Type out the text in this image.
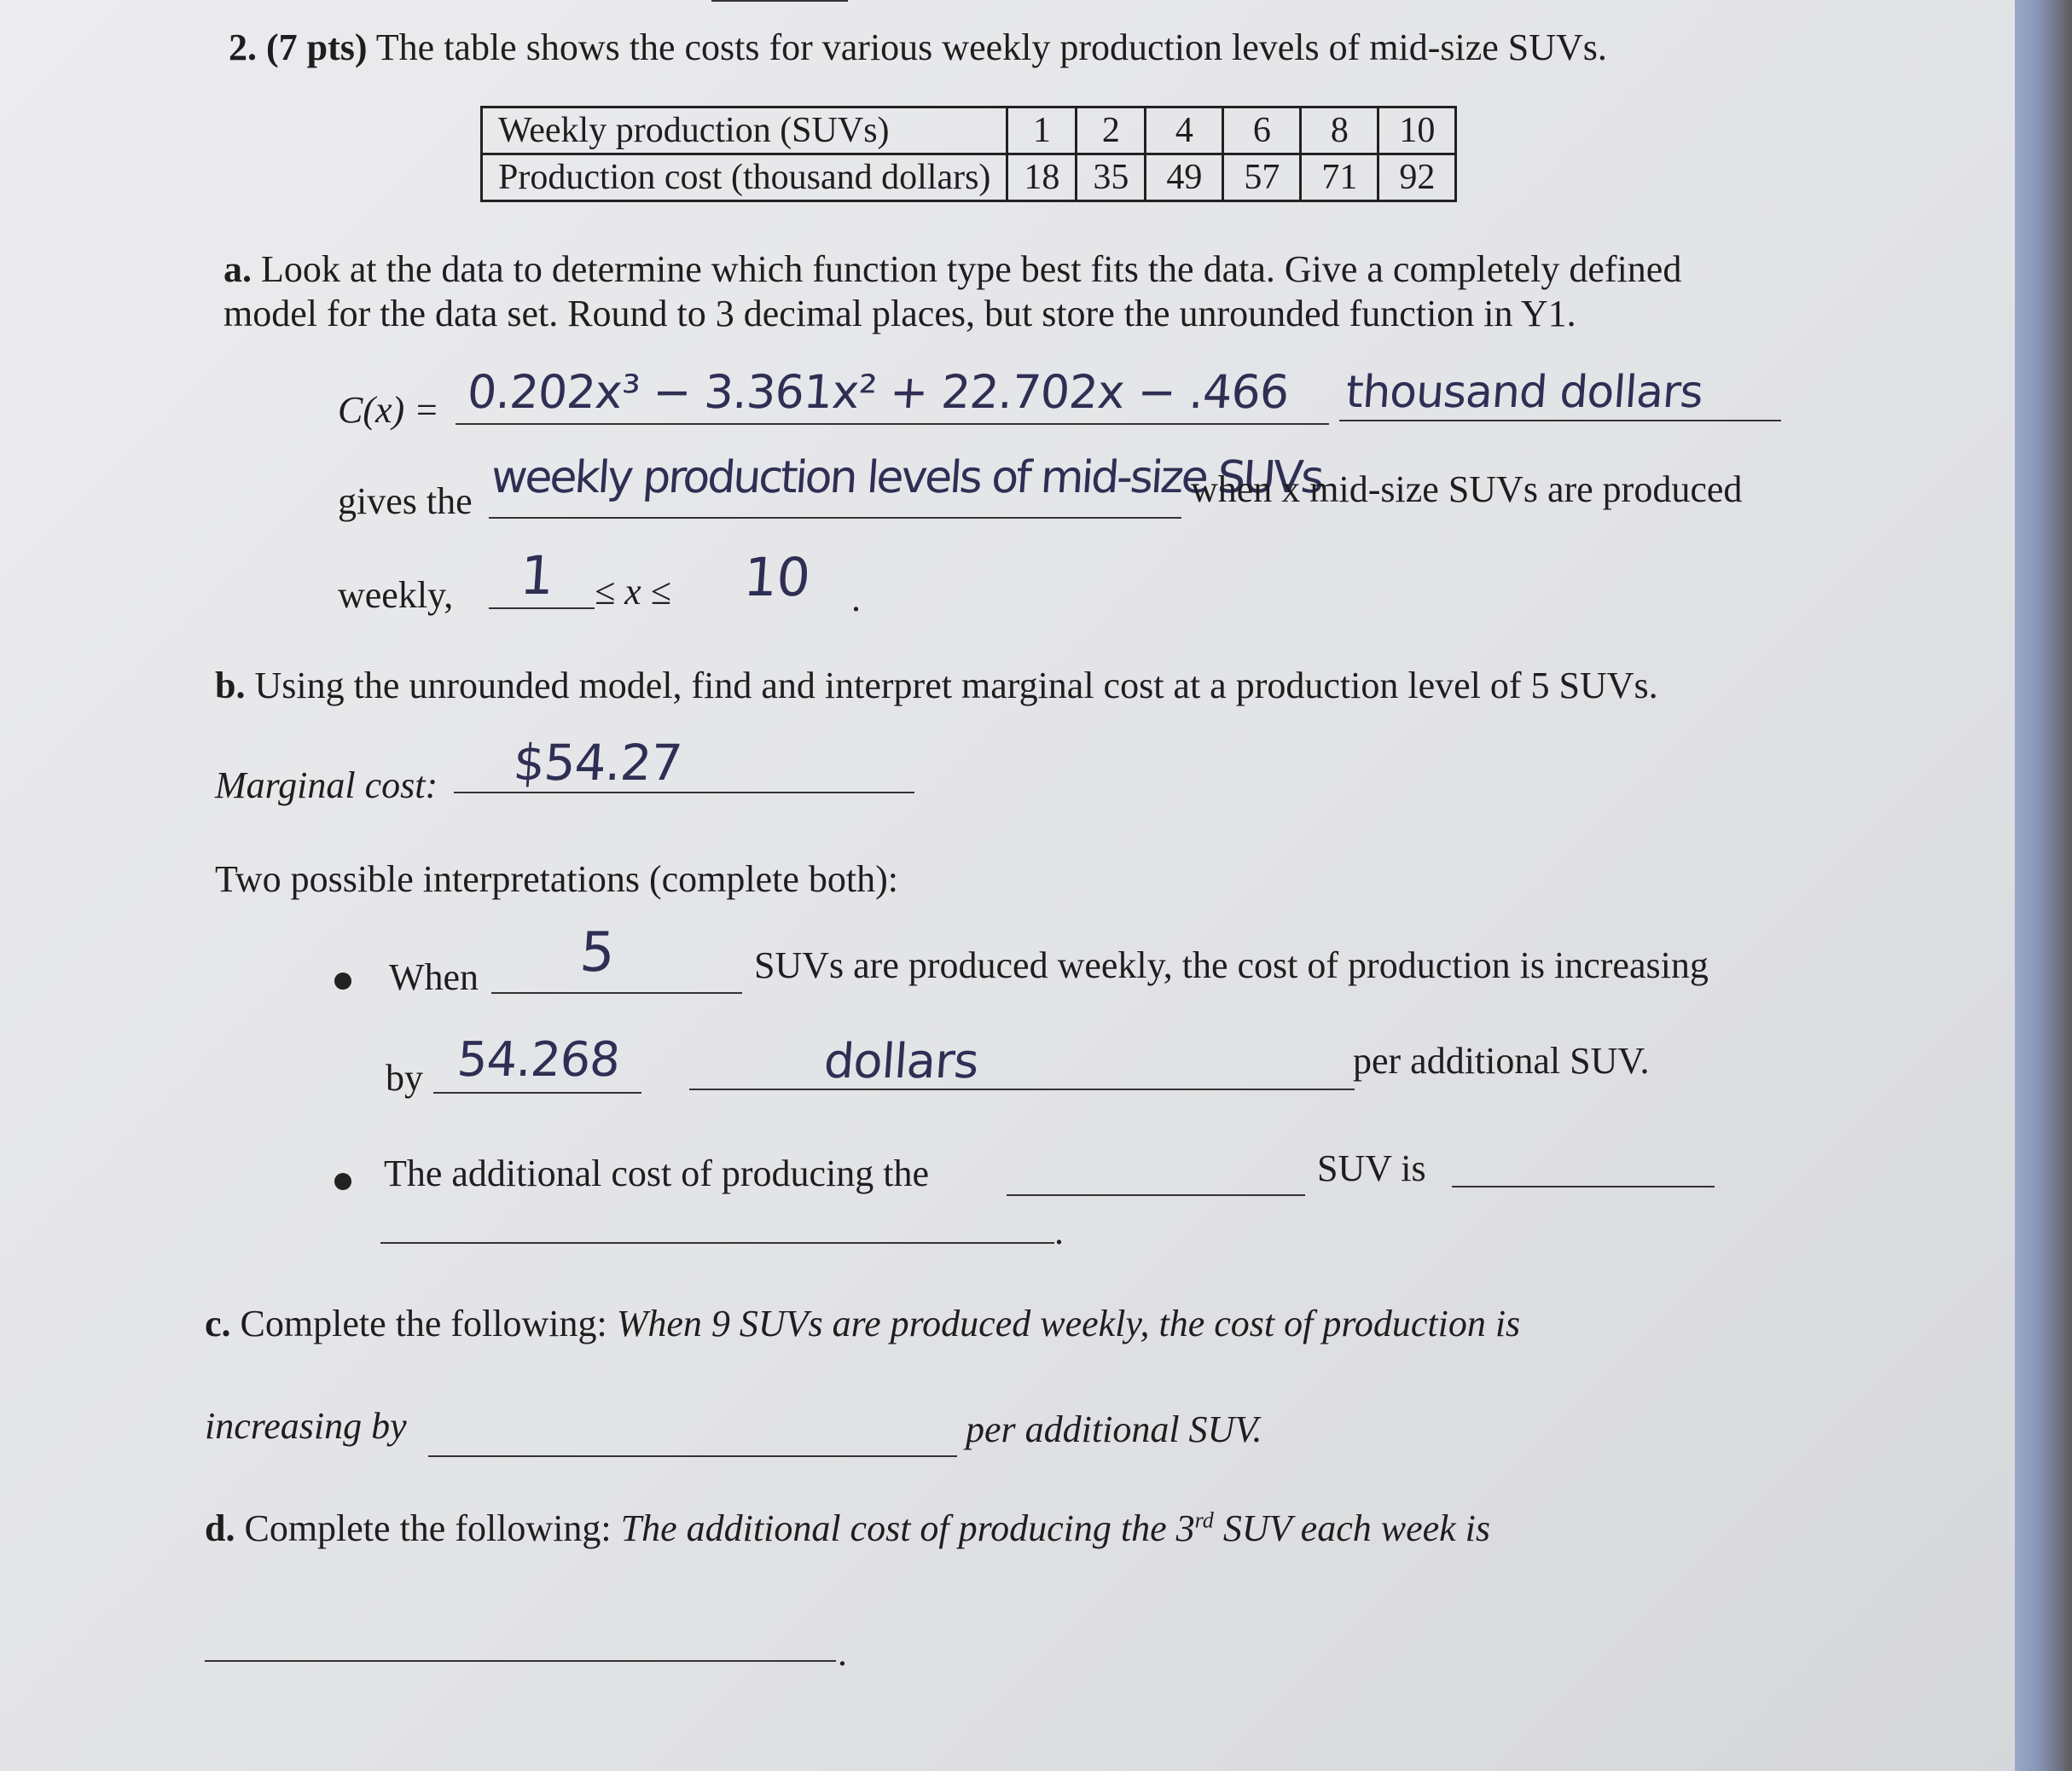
2. (7 pts) The table shows the costs for various weekly production levels of mid-size SUVs.
Weekly production (SUVs)	1	2	4	6	8	10
Production cost (thousand dollars)	18	35	49	57	71	92
a. Look at the data to determine which function type best fits the data. Give a completely defined
model for the data set. Round to 3 decimal places, but store the unrounded function in Y1.
C(x) = 0.202x³ − 3.361x² + 22.702x − .466 thousand dollars
gives the weekly production levels of mid-size SUVs
when x mid-size SUVs are produced
weekly, 1 ≤ x ≤ 10 .
b. Using the unrounded model, find and interpret marginal cost at a production level of 5 SUVs.
Marginal cost: $54.27
Two possible interpretations (complete both):
When 5	SUVs are produced weekly, the cost of production is increasing
by 54.268	dollars	per additional SUV.
The additional cost of producing the	SUV is
.
c. Complete the following: When 9 SUVs are produced weekly, the cost of production is
increasing by	per additional SUV.
d. Complete the following: The additional cost of producing the 3rd SUV each week is
.
